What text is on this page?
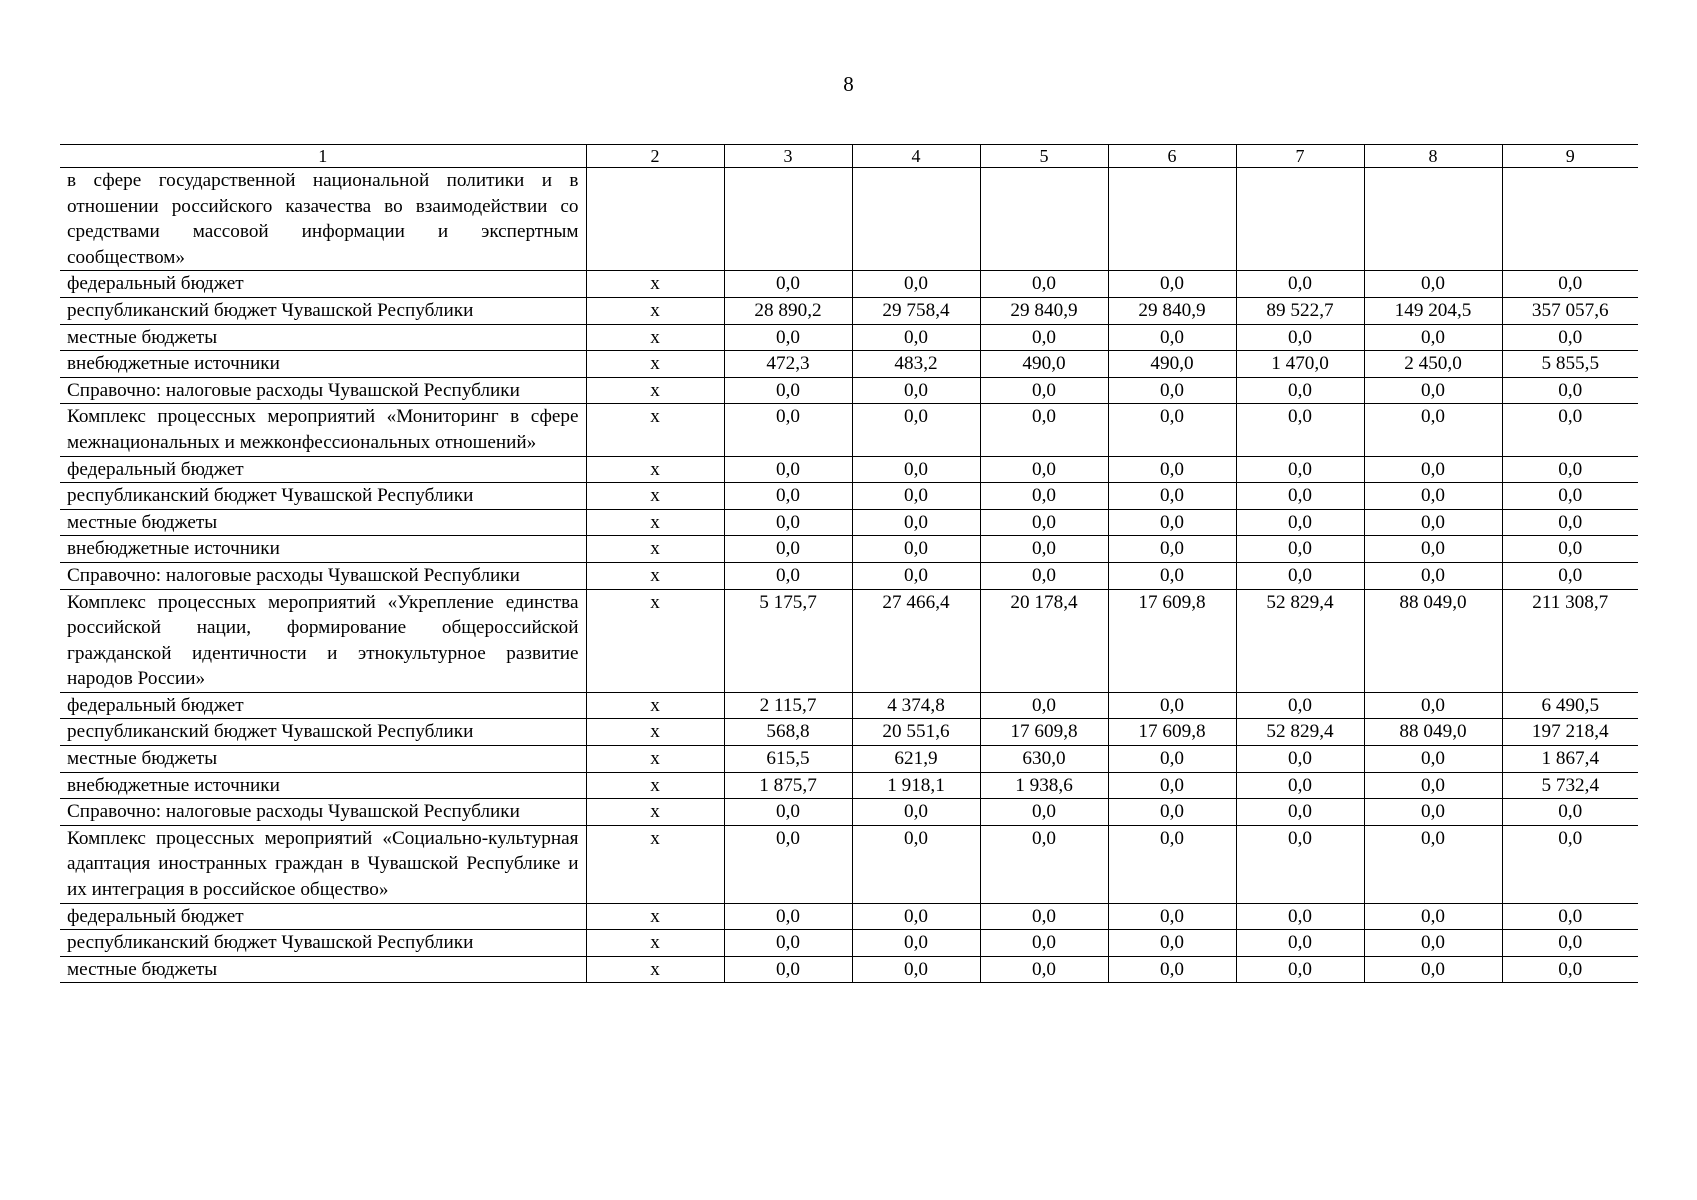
8
1	2	3	4	5	6	7	8	9
в сфере государственной национальной политики и в отношении российского казачества во взаимодействии со средствами массовой информации и экспертным сообществом»								
федеральный бюджет	х	0,0	0,0	0,0	0,0	0,0	0,0	0,0
республиканский бюджет Чувашской Республики	х	28 890,2	29 758,4	29 840,9	29 840,9	89 522,7	149 204,5	357 057,6
местные бюджеты	х	0,0	0,0	0,0	0,0	0,0	0,0	0,0
внебюджетные источники	х	472,3	483,2	490,0	490,0	1 470,0	2 450,0	5 855,5
Справочно: налоговые расходы Чувашской Республики	х	0,0	0,0	0,0	0,0	0,0	0,0	0,0
Комплекс процессных мероприятий «Мониторинг в сфере межнациональных и межконфессиональных отношений»	х	0,0	0,0	0,0	0,0	0,0	0,0	0,0
федеральный бюджет	х	0,0	0,0	0,0	0,0	0,0	0,0	0,0
республиканский бюджет Чувашской Республики	х	0,0	0,0	0,0	0,0	0,0	0,0	0,0
местные бюджеты	х	0,0	0,0	0,0	0,0	0,0	0,0	0,0
внебюджетные источники	х	0,0	0,0	0,0	0,0	0,0	0,0	0,0
Справочно: налоговые расходы Чувашской Республики	х	0,0	0,0	0,0	0,0	0,0	0,0	0,0
Комплекс процессных мероприятий «Укрепление единства российской нации, формирование общероссийской гражданской идентичности и этнокультурное развитие народов России»	х	5 175,7	27 466,4	20 178,4	17 609,8	52 829,4	88 049,0	211 308,7
федеральный бюджет	х	2 115,7	4 374,8	0,0	0,0	0,0	0,0	6 490,5
республиканский бюджет Чувашской Республики	х	568,8	20 551,6	17 609,8	17 609,8	52 829,4	88 049,0	197 218,4
местные бюджеты	х	615,5	621,9	630,0	0,0	0,0	0,0	1 867,4
внебюджетные источники	х	1 875,7	1 918,1	1 938,6	0,0	0,0	0,0	5 732,4
Справочно: налоговые расходы Чувашской Республики	х	0,0	0,0	0,0	0,0	0,0	0,0	0,0
Комплекс процессных мероприятий «Социально-культурная адаптация иностранных граждан в Чувашской Республике и их интеграция в российское общество»	х	0,0	0,0	0,0	0,0	0,0	0,0	0,0
федеральный бюджет	х	0,0	0,0	0,0	0,0	0,0	0,0	0,0
республиканский бюджет Чувашской Республики	х	0,0	0,0	0,0	0,0	0,0	0,0	0,0
местные бюджеты	х	0,0	0,0	0,0	0,0	0,0	0,0	0,0
